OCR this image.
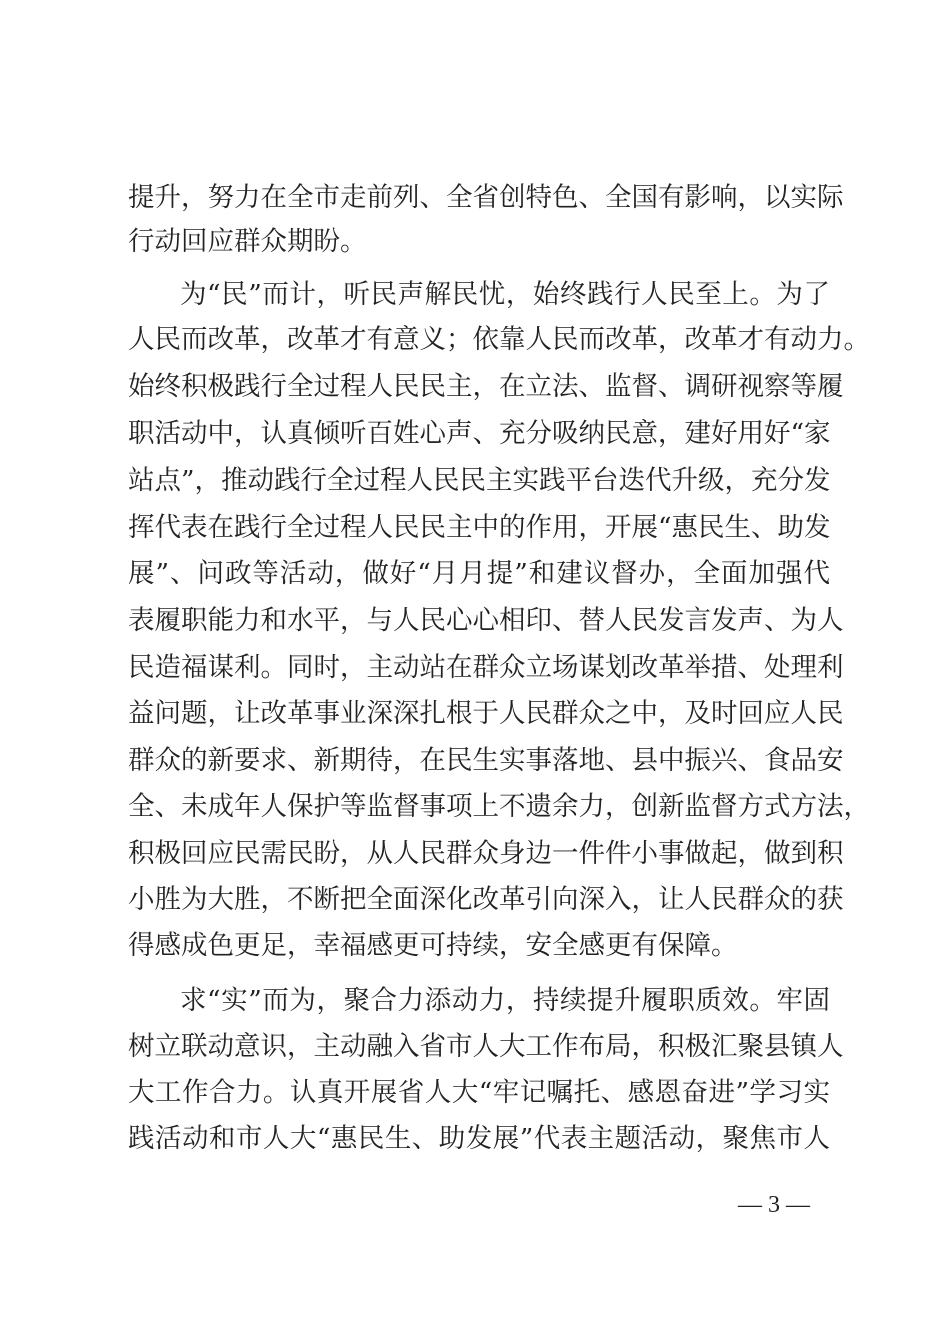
提升，努力在全市走前列、全省创特色、全国有影响，以实际
行动回应群众期盼。
为“民”而计，听民声解民忧，始终践行人民至上。为了
人民而改革，改革才有意义；依靠人民而改革，改革才有动力。
始终积极践行全过程人民民主，在立法、监督、调研视察等履
职活动中，认真倾听百姓心声、充分吸纳民意，建好用好“家
站点”，推动践行全过程人民民主实践平台迭代升级，充分发
挥代表在践行全过程人民民主中的作用，开展“惠民生、助发
展”、问政等活动，做好“月月提”和建议督办，全面加强代
表履职能力和水平，与人民心心相印、替人民发言发声、为人
民造福谋利。同时，主动站在群众立场谋划改革举措、处理利
益问题，让改革事业深深扎根于人民群众之中，及时回应人民
群众的新要求、新期待，在民生实事落地、县中振兴、食品安
全、未成年人保护等监督事项上不遗余力，创新监督方式方法，
积极回应民需民盼，从人民群众身边一件件小事做起，做到积
小胜为大胜，不断把全面深化改革引向深入，让人民群众的获
得感成色更足，幸福感更可持续，安全感更有保障。
求“实”而为，聚合力添动力，持续提升履职质效。牢固
树立联动意识，主动融入省市人大工作布局，积极汇聚县镇人
大工作合力。认真开展省人大“牢记嘱托、感恩奋进”学习实
践活动和市人大“惠民生、助发展”代表主题活动，聚焦市人
— 3 —
